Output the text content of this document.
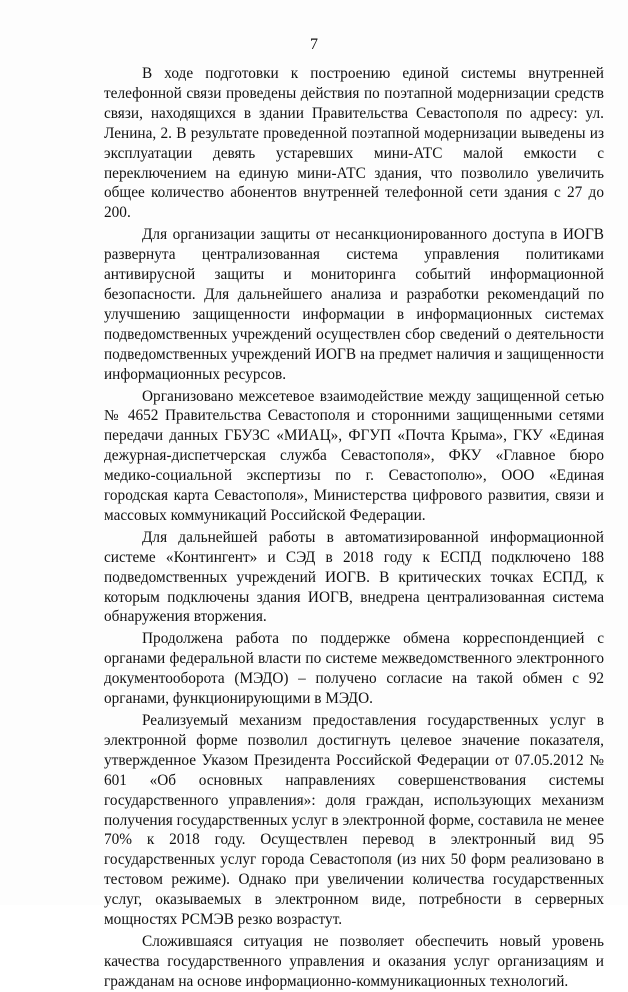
7

В ходе подготовки к построению единой системы внутренней телефонной связи проведены действия по поэтапной модернизации средств связи, находящихся в здании Правительства Севастополя по адресу: ул. Ленина, 2. В результате проведенной поэтапной модернизации выведены из эксплуатации девять устаревших мини-АТС малой емкости с переключением на единую мини-АТС здания, что позволило увеличить общее количество абонентов внутренней телефонной сети здания с 27 до 200.

Для организации защиты от несанкционированного доступа в ИОГВ развернута централизованная система управления политиками антивирусной защиты и мониторинга событий информационной безопасности. Для дальнейшего анализа и разработки рекомендаций по улучшению защищенности информации в информационных системах подведомственных учреждений осуществлен сбор сведений о деятельности подведомственных учреждений ИОГВ на предмет наличия и защищенности информационных ресурсов.

Организовано межсетевое взаимодействие между защищенной сетью № 4652 Правительства Севастополя и сторонними защищенными сетями передачи данных ГБУЗС «МИАЦ», ФГУП «Почта Крыма», ГКУ «Единая дежурная-диспетчерская служба Севастополя», ФКУ «Главное бюро медико-социальной экспертизы по г. Севастополю», ООО «Единая городская карта Севастополя», Министерства цифрового развития, связи и массовых коммуникаций Российской Федерации.

Для дальнейшей работы в автоматизированной информационной системе «Контингент» и СЭД в 2018 году к ЕСПД подключено 188 подведомственных учреждений ИОГВ. В критических точках ЕСПД, к которым подключены здания ИОГВ, внедрена централизованная система обнаружения вторжения.

Продолжена работа по поддержке обмена корреспонденцией с органами федеральной власти по системе межведомственного электронного документооборота (МЭДО) – получено согласие на такой обмен с 92 органами, функционирующими в МЭДО.

Реализуемый механизм предоставления государственных услуг в электронной форме позволил достигнуть целевое значение показателя, утвержденное Указом Президента Российской Федерации от 07.05.2012 № 601 «Об основных направлениях совершенствования системы государственного управления»: доля граждан, использующих механизм получения государственных услуг в электронной форме, составила не менее 70% к 2018 году. Осуществлен перевод в электронный вид 95 государственных услуг города Севастополя (из них 50 форм реализовано в тестовом режиме). Однако при увеличении количества государственных услуг, оказываемых в электронном виде, потребности в серверных мощностях РСМЭВ резко возрастут.

Сложившаяся ситуация не позволяет обеспечить новый уровень качества государственного управления и оказания услуг организациям и гражданам на основе информационно-коммуникационных технологий.
